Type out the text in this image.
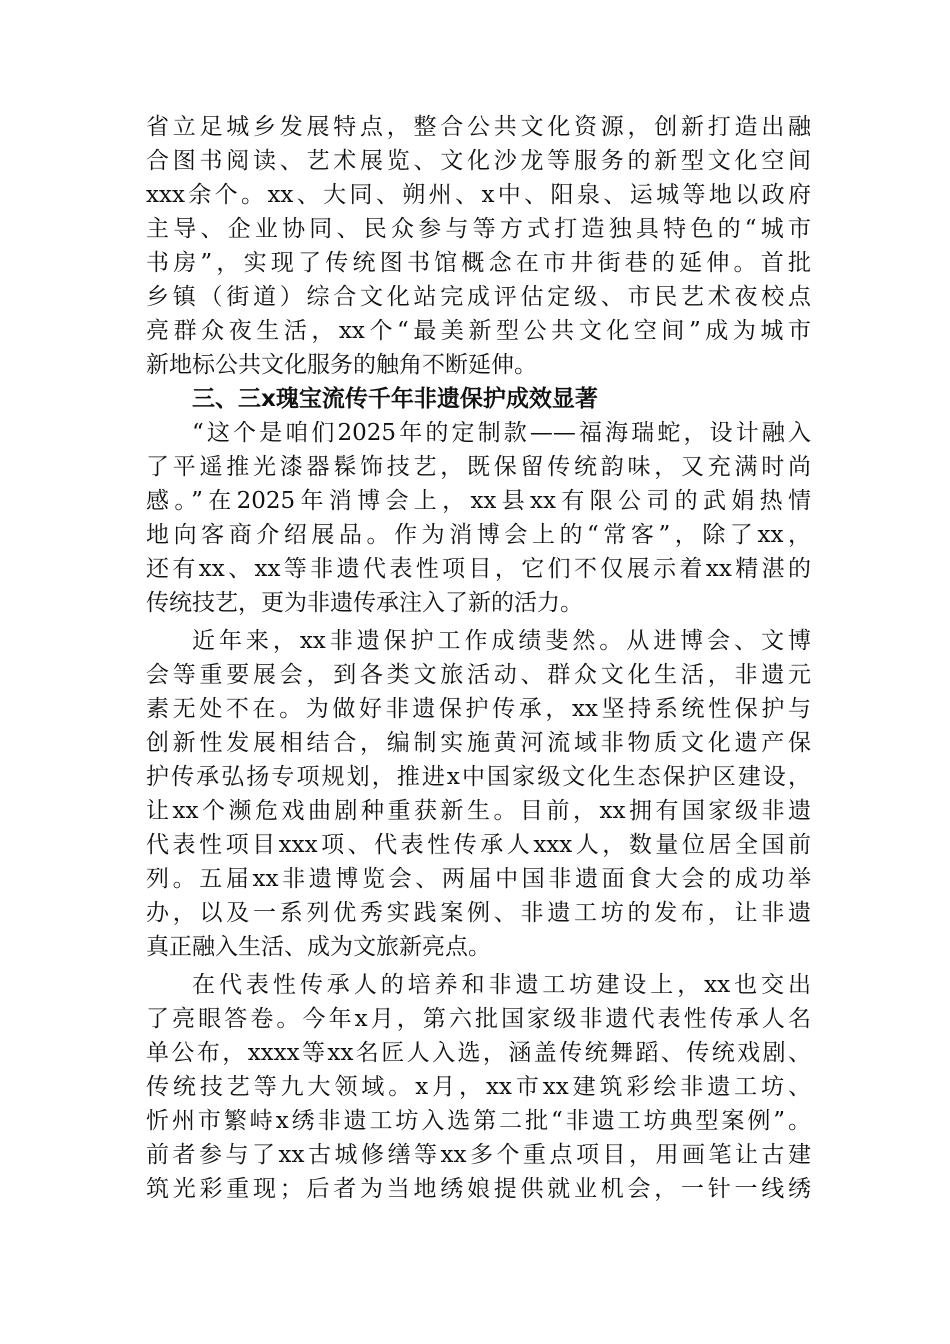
省立足城乡发展特点，整合公共文化资源，创新打造出融
合图书阅读、艺术展览、文化沙龙等服务的新型文化空间
xxx余个。xx、大同、朔州、x中、阳泉、运城等地以政府
主导、企业协同、民众参与等方式打造独具特色的“城市
书房”，实现了传统图书馆概念在市井街巷的延伸。首批
乡镇（街道）综合文化站完成评估定级、市民艺术夜校点
亮群众夜生活，xx个“最美新型公共文化空间”成为城市
新地标公共文化服务的触角不断延伸。
三、三x瑰宝流传千年非遗保护成效显著
“这个是咱们2025年的定制款——福海瑞蛇，设计融入
了平遥推光漆器髹饰技艺，既保留传统韵味，又充满时尚
感。”在2025年消博会上，xx县xx有限公司的武娟热情
地向客商介绍展品。作为消博会上的“常客”，除了xx，
还有xx、xx等非遗代表性项目，它们不仅展示着xx精湛的
传统技艺，更为非遗传承注入了新的活力。
近年来，xx非遗保护工作成绩斐然。从进博会、文博
会等重要展会，到各类文旅活动、群众文化生活，非遗元
素无处不在。为做好非遗保护传承，xx坚持系统性保护与
创新性发展相结合，编制实施黄河流域非物质文化遗产保
护传承弘扬专项规划，推进x中国家级文化生态保护区建设，
让xx个濒危戏曲剧种重获新生。目前，xx拥有国家级非遗
代表性项目xxx项、代表性传承人xxx人，数量位居全国前
列。五届xx非遗博览会、两届中国非遗面食大会的成功举
办，以及一系列优秀实践案例、非遗工坊的发布，让非遗
真正融入生活、成为文旅新亮点。
在代表性传承人的培养和非遗工坊建设上，xx也交出
了亮眼答卷。今年x月，第六批国家级非遗代表性传承人名
单公布，xxxx等xx名匠人入选，涵盖传统舞蹈、传统戏剧、
传统技艺等九大领域。x月，xx市xx建筑彩绘非遗工坊、
忻州市繁峙x绣非遗工坊入选第二批“非遗工坊典型案例”。
前者参与了xx古城修缮等xx多个重点项目，用画笔让古建
筑光彩重现；后者为当地绣娘提供就业机会，一针一线绣
